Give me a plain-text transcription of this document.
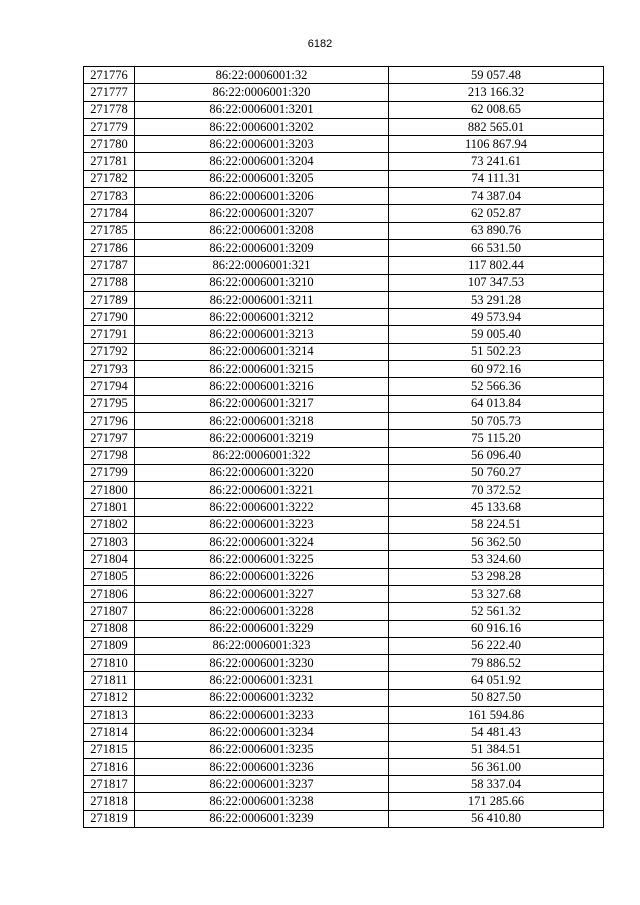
6182
271776	86:22:0006001:32	59 057.48
271777	86:22:0006001:320	213 166.32
271778	86:22:0006001:3201	62 008.65
271779	86:22:0006001:3202	882 565.01
271780	86:22:0006001:3203	1106 867.94
271781	86:22:0006001:3204	73 241.61
271782	86:22:0006001:3205	74 111.31
271783	86:22:0006001:3206	74 387.04
271784	86:22:0006001:3207	62 052.87
271785	86:22:0006001:3208	63 890.76
271786	86:22:0006001:3209	66 531.50
271787	86:22:0006001:321	117 802.44
271788	86:22:0006001:3210	107 347.53
271789	86:22:0006001:3211	53 291.28
271790	86:22:0006001:3212	49 573.94
271791	86:22:0006001:3213	59 005.40
271792	86:22:0006001:3214	51 502.23
271793	86:22:0006001:3215	60 972.16
271794	86:22:0006001:3216	52 566.36
271795	86:22:0006001:3217	64 013.84
271796	86:22:0006001:3218	50 705.73
271797	86:22:0006001:3219	75 115.20
271798	86:22:0006001:322	56 096.40
271799	86:22:0006001:3220	50 760.27
271800	86:22:0006001:3221	70 372.52
271801	86:22:0006001:3222	45 133.68
271802	86:22:0006001:3223	58 224.51
271803	86:22:0006001:3224	56 362.50
271804	86:22:0006001:3225	53 324.60
271805	86:22:0006001:3226	53 298.28
271806	86:22:0006001:3227	53 327.68
271807	86:22:0006001:3228	52 561.32
271808	86:22:0006001:3229	60 916.16
271809	86:22:0006001:323	56 222.40
271810	86:22:0006001:3230	79 886.52
271811	86:22:0006001:3231	64 051.92
271812	86:22:0006001:3232	50 827.50
271813	86:22:0006001:3233	161 594.86
271814	86:22:0006001:3234	54 481.43
271815	86:22:0006001:3235	51 384.51
271816	86:22:0006001:3236	56 361.00
271817	86:22:0006001:3237	58 337.04
271818	86:22:0006001:3238	171 285.66
271819	86:22:0006001:3239	56 410.80
